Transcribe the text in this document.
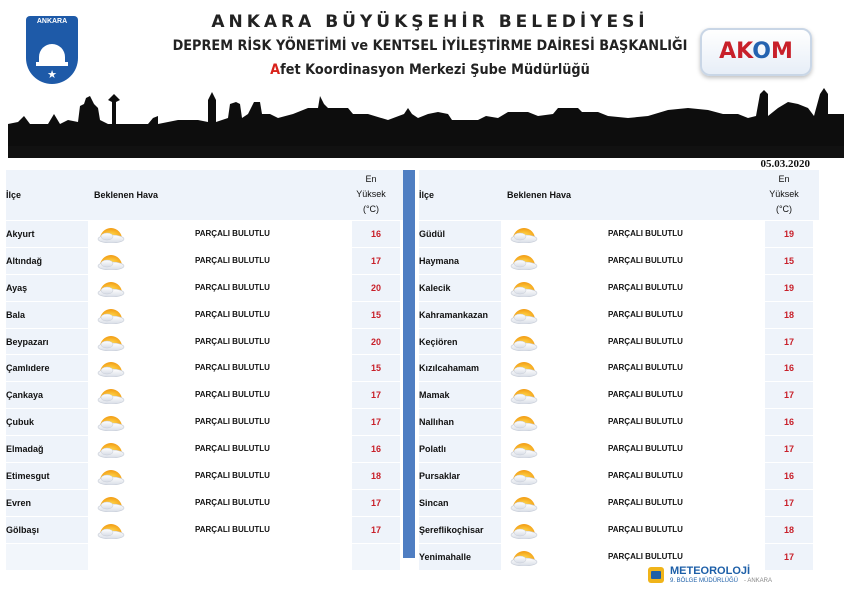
ANKARA
★
ANKARA BÜYÜKŞEHİR BELEDİYESİ
DEPREM RİSK YÖNETİMİ ve KENTSEL İYİLEŞTİRME DAİRESİ BAŞKANLIĞI
Afet Koordinasyon Merkezi Şube Müdürlüğü
AKOM
05.03.2020
İlçe	Beklenen Hava
En
Yüksek
(°C)
Akyurt	PARÇALI BULUTLU	16
Altındağ	PARÇALI BULUTLU	17
Ayaş	PARÇALI BULUTLU	20
Bala	PARÇALI BULUTLU	15
Beypazarı	PARÇALI BULUTLU	20
Çamlıdere	PARÇALI BULUTLU	15
Çankaya	PARÇALI BULUTLU	17
Çubuk	PARÇALI BULUTLU	17
Elmadağ	PARÇALI BULUTLU	16
Etimesgut	PARÇALI BULUTLU	18
Evren	PARÇALI BULUTLU	17
Gölbaşı	PARÇALI BULUTLU	17
İlçe	Beklenen Hava
En
Yüksek
(°C)
Güdül	PARÇALI BULUTLU	19
Haymana	PARÇALI BULUTLU	15
Kalecik	PARÇALI BULUTLU	19
Kahramankazan	PARÇALI BULUTLU	18
Keçiören	PARÇALI BULUTLU	17
Kızılcahamam	PARÇALI BULUTLU	16
Mamak	PARÇALI BULUTLU	17
Nallıhan	PARÇALI BULUTLU	16
Polatlı	PARÇALI BULUTLU	17
Pursaklar	PARÇALI BULUTLU	16
Sincan	PARÇALI BULUTLU	17
Şereflikoçhisar	PARÇALI BULUTLU	18
Yenimahalle	PARÇALI BULUTLU	17
METEOROLOJİ
9. BÖLGE MÜDÜRLÜĞÜ - ANKARA
